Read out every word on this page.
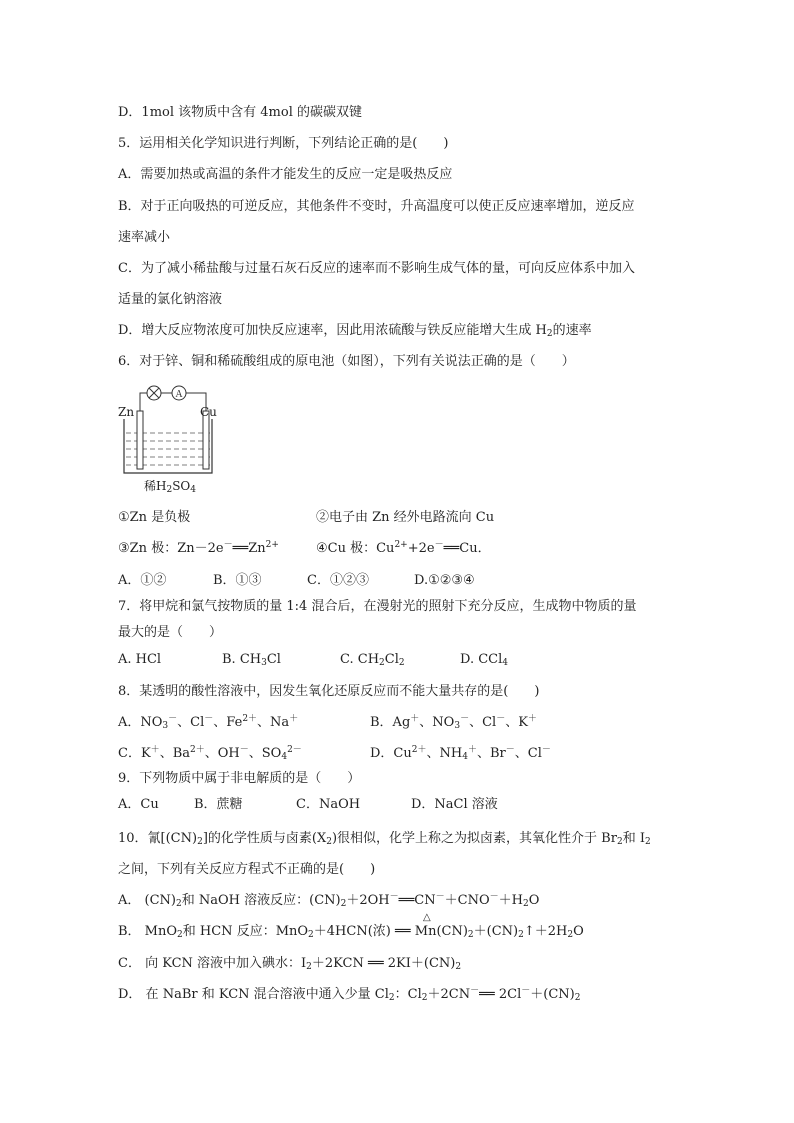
D．1mol 该物质中含有 4mol 的碳碳双键
5．运用相关化学知识进行判断，下列结论正确的是(　　)
A．需要加热或高温的条件才能发生的反应一定是吸热反应
B．对于正向吸热的可逆反应，其他条件不变时，升高温度可以使正反应速率增加，逆反应
速率减小
C．为了减小稀盐酸与过量石灰石反应的速率而不影响生成气体的量，可向反应体系中加入
适量的氯化钠溶液
D．增大反应物浓度可加快反应速率，因此用浓硫酸与铁反应能增大生成 $H_2$的速率
6．对于锌、铜和稀硫酸组成的原电池（如图），下列有关说法正确的是（　　）
A
Zn	Cu
稀$H_2SO_4$
①Zn 是负极	②电子由 Zn 经外电路流向 Cu
③Zn 极：$Zn-2e^-══Zn^{2+}$	④Cu 极：$Cu^{2+}+2e^-══Cu$．
A．①②	B．①③	C．①②③	D.①②③④
7．将甲烷和氯气按物质的量 1:4 混合后，在漫射光的照射下充分反应，生成物中物质的量
最大的是（　　）
A. HCl	B. $CH_3Cl$	C. $CH_2Cl_2$	D. CCl$_4$
8．某透明的酸性溶液中，因发生氧化还原反应而不能大量共存的是(　　)
A．$NO_3^-$、Cl－、$Fe^{2+}$、Na＋	B．Ag＋、$NO_3^-$、Cl－、K＋
C．K＋、$Ba^{2+}$、OH－、$SO_4^{2-}$	D．$Cu^{2+}$、$NH_4^+$、Br－、Cl－
9．下列物质中属于非电解质的是（　　）
A．Cu	B．蔗糖	C．NaOH	D．NaCl 溶液
10．氰$[(CN)_2]$的化学性质与卤素$(X_2)$很相似，化学上称之为拟卤素，其氧化性介于 $Br_2$和 $I_2$
之间，下列有关反应方程式不正确的是(　　)
A． $(CN)_2$和 NaOH 溶液反应：$(CN)_2+2OH^-══CN^-+CNO^-+H_2O$
△
B． MnO$_2$和 HCN 反应：MnO$_2$＋4HCN(浓) ══ $Mn(CN)_2+(CN)_2↑+2H_2O$
C． 向 KCN 溶液中加入碘水：$I_2+2KCN$ ══ $2KI+(CN)_2$
D． 在 NaBr 和 KCN 混合溶液中通入少量 $Cl_2$：$Cl_2+2CN^-══$ $2Cl^-+(CN)_2$
